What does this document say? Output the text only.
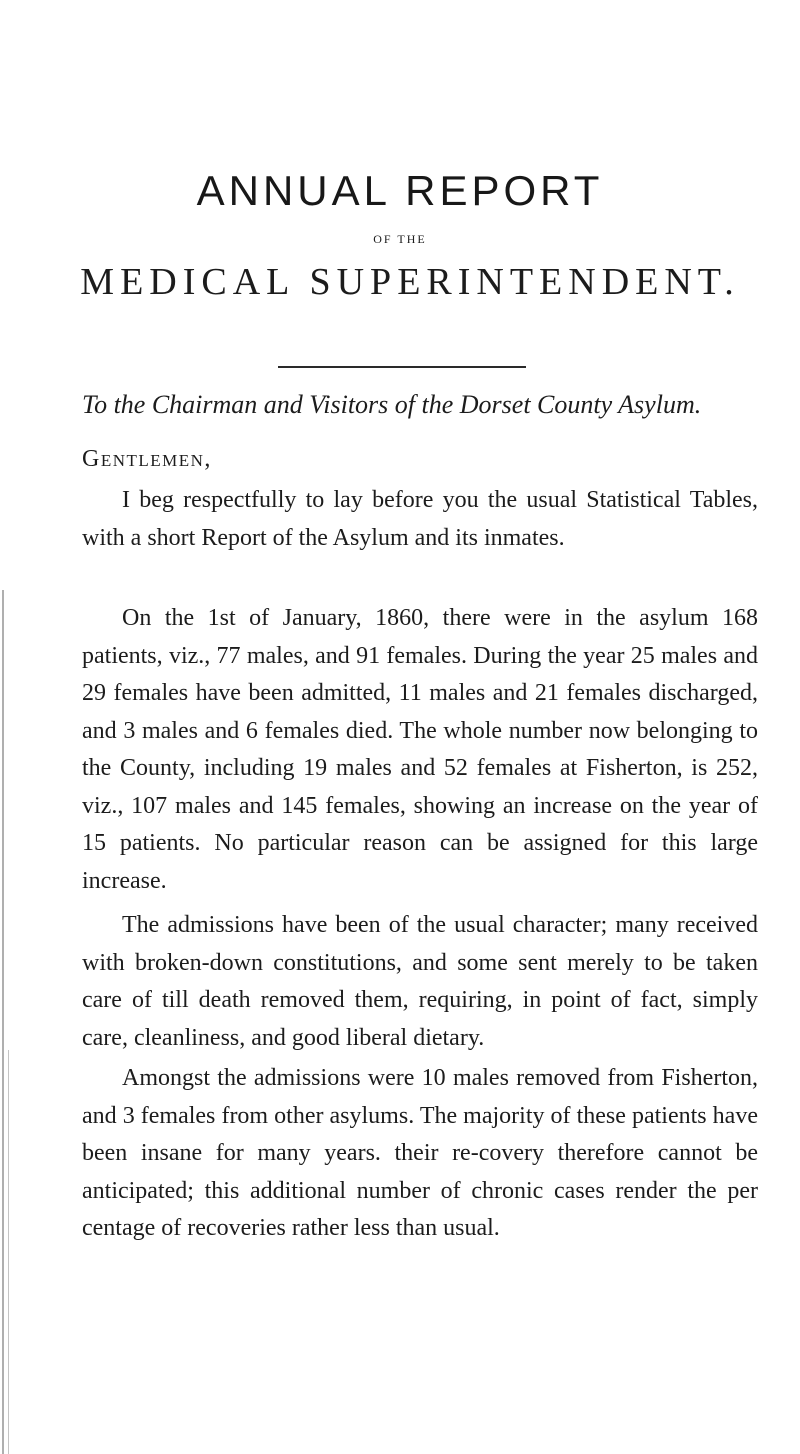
ANNUAL REPORT
OF THE
MEDICAL SUPERINTENDENT.
To the Chairman and Visitors of the Dorset County Asylum.
Gentlemen,
I beg respectfully to lay before you the usual Statistical Tables, with a short Report of the Asylum and its inmates.
On the 1st of January, 1860, there were in the asylum 168 patients, viz., 77 males, and 91 females. During the year 25 males and 29 females have been admitted, 11 males and 21 females discharged, and 3 males and 6 females died. The whole number now belonging to the County, including 19 males and 52 females at Fisherton, is 252, viz., 107 males and 145 females, showing an increase on the year of 15 patients. No particular reason can be assigned for this large increase.
The admissions have been of the usual character; many received with broken-down constitutions, and some sent merely to be taken care of till death removed them, requiring, in point of fact, simply care, cleanliness, and good liberal dietary.
Amongst the admissions were 10 males removed from Fisherton, and 3 females from other asylums. The majority of these patients have been insane for many years. their re-covery therefore cannot be anticipated; this additional number of chronic cases render the per centage of recoveries rather less than usual.
